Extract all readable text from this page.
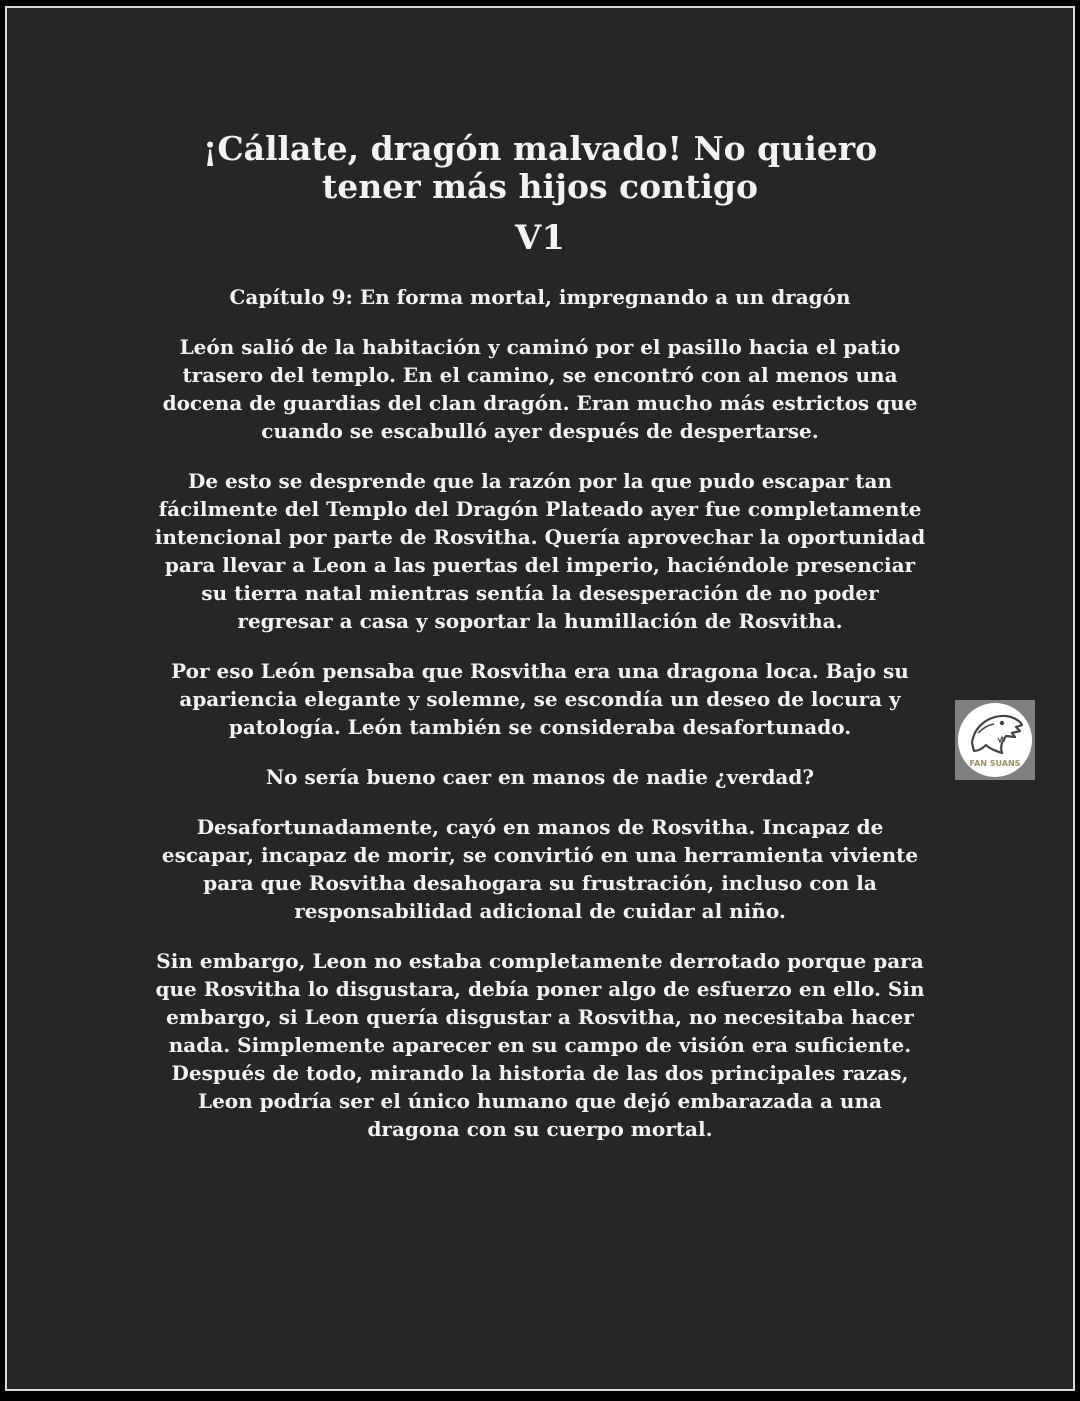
¡Cállate, dragón malvado! No quiero tener más hijos contigo
V1
Capítulo 9: En forma mortal, impregnando a un dragón

León salió de la habitación y caminó por el pasillo hacia el patio trasero del templo. En el camino, se encontró con al menos una docena de guardias del clan dragón. Eran mucho más estrictos que cuando se escabulló ayer después de despertarse.

De esto se desprende que la razón por la que pudo escapar tan fácilmente del Templo del Dragón Plateado ayer fue completamente intencional por parte de Rosvitha. Quería aprovechar la oportunidad para llevar a Leon a las puertas del imperio, haciéndole presenciar su tierra natal mientras sentía la desesperación de no poder regresar a casa y soportar la humillación de Rosvitha.

Por eso León pensaba que Rosvitha era una dragona loca. Bajo su apariencia elegante y solemne, se escondía un deseo de locura y patología. León también se consideraba desafortunado.

No sería bueno caer en manos de nadie ¿verdad?

Desafortunadamente, cayó en manos de Rosvitha. Incapaz de escapar, incapaz de morir, se convirtió en una herramienta viviente para que Rosvitha desahogara su frustración, incluso con la responsabilidad adicional de cuidar al niño.

Sin embargo, Leon no estaba completamente derrotado porque para que Rosvitha lo disgustara, debía poner algo de esfuerzo en ello. Sin embargo, si Leon quería disgustar a Rosvitha, no necesitaba hacer nada. Simplemente aparecer en su campo de visión era suficiente. Después de todo, mirando la historia de las dos principales razas, Leon podría ser el único humano que dejó embarazada a una dragona con su cuerpo mortal.

FAN SUANS
